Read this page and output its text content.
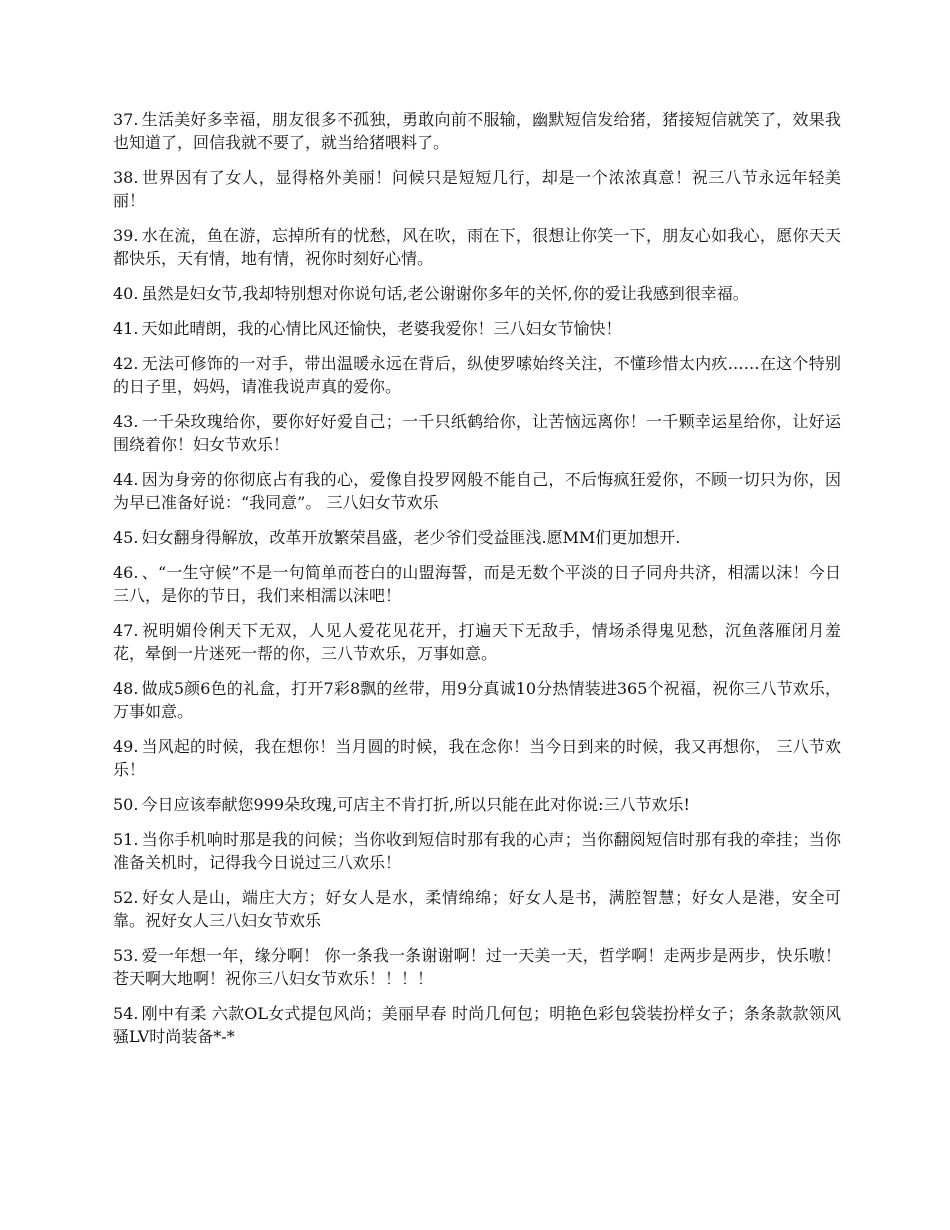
37. 生活美好多幸福，朋友很多不孤独，勇敢向前不服输，幽默短信发给猪，猪接短信就笑了，效果我也知道了，回信我就不要了，就当给猪喂料了。

38. 世界因有了女人，显得格外美丽！问候只是短短几行，却是一个浓浓真意！祝三八节永远年轻美丽！

39. 水在流，鱼在游，忘掉所有的忧愁，风在吹，雨在下，很想让你笑一下，朋友心如我心，愿你天天都快乐，天有情，地有情，祝你时刻好心情。

40. 虽然是妇女节,我却特别想对你说句话,老公谢谢你多年的关怀,你的爱让我感到很幸福。

41. 天如此晴朗，我的心情比风还愉快，老婆我爱你！三八妇女节愉快！

42. 无法可修饰的一对手，带出温暖永远在背后，纵使罗嗦始终关注，不懂珍惜太内疚……在这个特别的日子里，妈妈，请准我说声真的爱你。

43. 一千朵玫瑰给你，要你好好爱自己；一千只纸鹤给你，让苦恼远离你！一千颗幸运星给你，让好运围绕着你！妇女节欢乐！

44. 因为身旁的你彻底占有我的心，爱像自投罗网般不能自己，不后悔疯狂爱你，不顾一切只为你，因为早已准备好说：“我同意”。 三八妇女节欢乐

45. 妇女翻身得解放，改革开放繁荣昌盛，老少爷们受益匪浅.愿MM们更加想开.

46. 、“一生守候”不是一句简单而苍白的山盟海誓，而是无数个平淡的日子同舟共济，相濡以沫！今日三八，是你的节日，我们来相濡以沫吧！

47. 祝明媚伶俐天下无双，人见人爱花见花开，打遍天下无敌手，情场杀得鬼见愁，沉鱼落雁闭月羞花，晕倒一片迷死一帮的你，三八节欢乐，万事如意。

48. 做成5颜6色的礼盒，打开7彩8飘的丝带，用9分真诚10分热情装进365个祝福，祝你三八节欢乐，万事如意。

49. 当风起的时候，我在想你！当月圆的时候，我在念你！当今日到来的时候，我又再想你， 三八节欢乐！

50. 今日应该奉献您999朵玫瑰,可店主不肯打折,所以只能在此对你说:三八节欢乐!

51. 当你手机响时那是我的问候；当你收到短信时那有我的心声；当你翻阅短信时那有我的牵挂；当你准备关机时，记得我今日说过三八欢乐！

52. 好女人是山，端庄大方；好女人是水，柔情绵绵；好女人是书，满腔智慧；好女人是港，安全可靠。祝好女人三八妇女节欢乐

53. 爱一年想一年，缘分啊！ 你一条我一条谢谢啊！过一天美一天，哲学啊！走两步是两步，快乐嗷！苍天啊大地啊！祝你三八妇女节欢乐！！！！

54. 刚中有柔 六款OL女式提包风尚；美丽早春 时尚几何包；明艳色彩包袋装扮样女子；条条款款领风骚LV时尚装备*-*
